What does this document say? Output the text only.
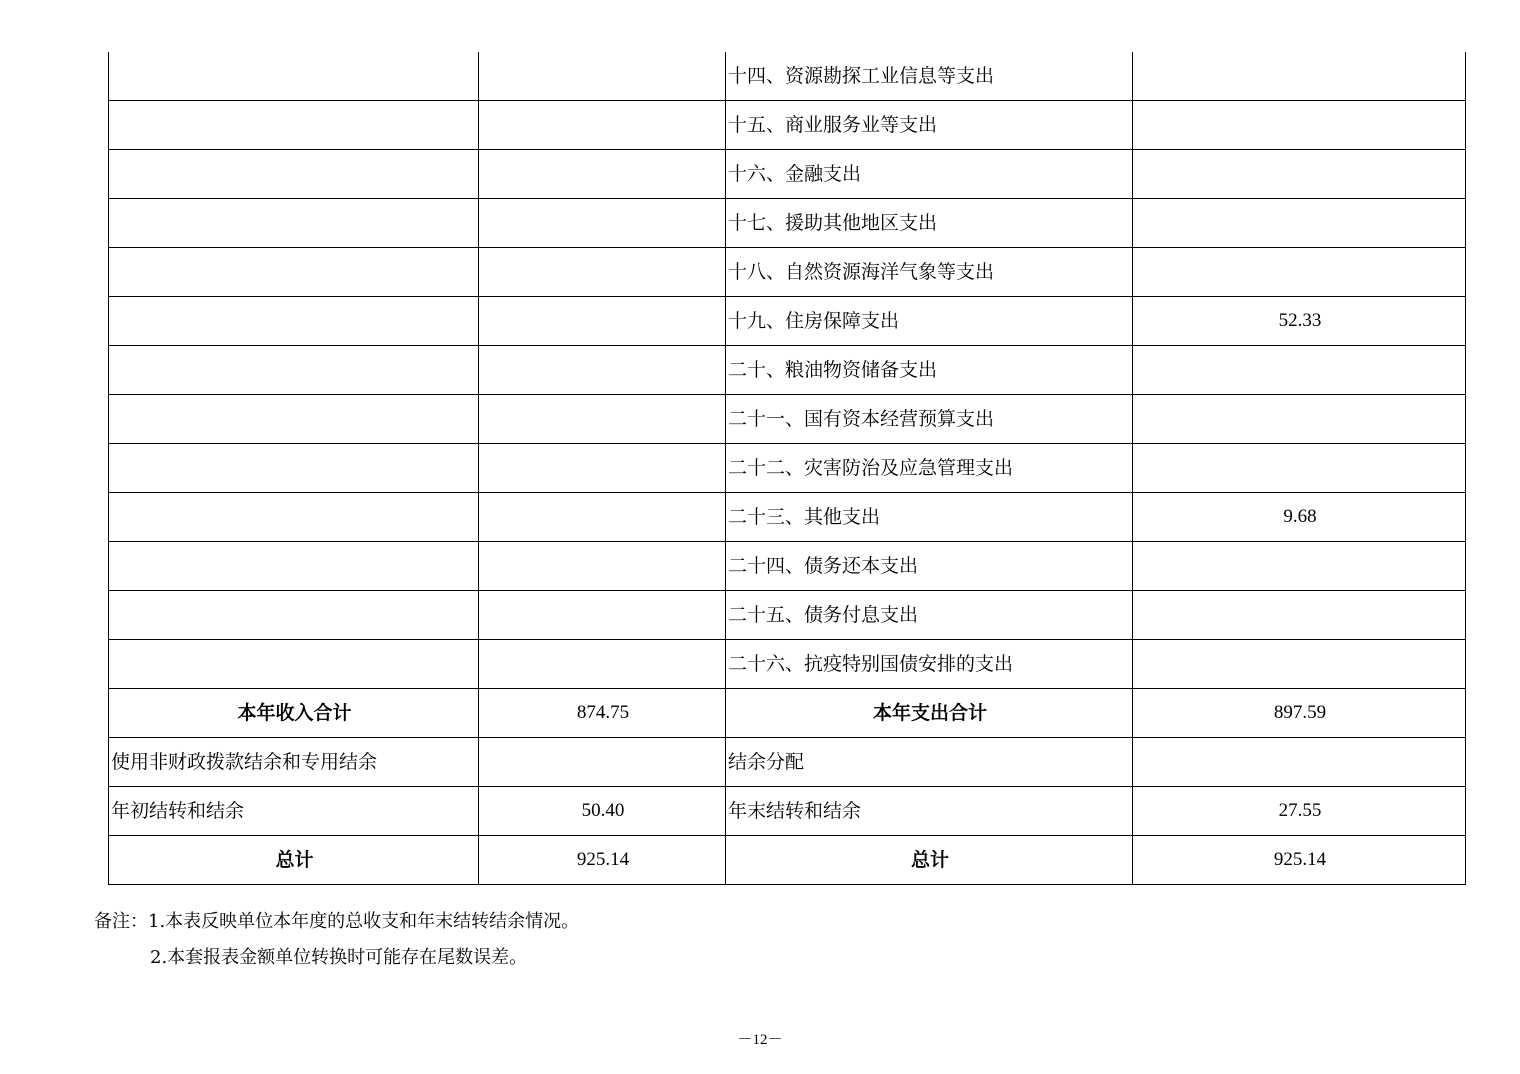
		十四、资源勘探工业信息等支出	
		十五、商业服务业等支出	
		十六、金融支出	
		十七、援助其他地区支出	
		十八、自然资源海洋气象等支出	
		十九、住房保障支出	52.33
		二十、粮油物资储备支出	
		二十一、国有资本经营预算支出	
		二十二、灾害防治及应急管理支出	
		二十三、其他支出	9.68
		二十四、债务还本支出	
		二十五、债务付息支出	
		二十六、抗疫特别国债安排的支出	
本年收入合计	874.75	本年支出合计	897.59
使用非财政拨款结余和专用结余		结余分配	
年初结转和结余	50.40	年末结转和结余	27.55
总计	925.14	总计	925.14
备注：1.本表反映单位本年度的总收支和年末结转结余情况。
2.本套报表金额单位转换时可能存在尾数误差。
－12－
